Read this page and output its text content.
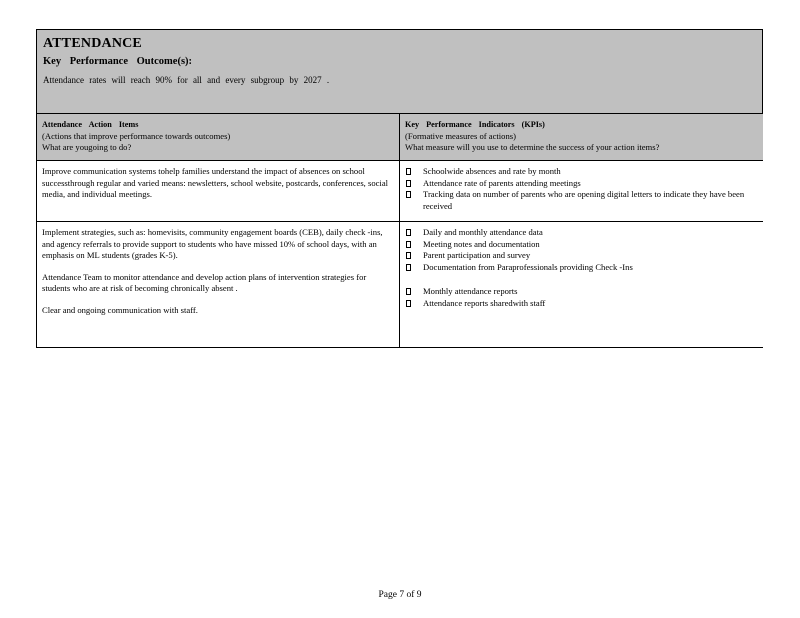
ATTENDANCE
Key Performance Outcome(s):
Attendance rates will reach 90% for all and every subgroup by 2027 .
Attendance Action Items
(Actions that improve performance towards outcomes)
What are yougoing to do?
Key Performance Indicators (KPIs)
(Formative measures of actions)
What measure will you use to determine the success of your action items?

Improve communication systems tohelp families understand the impact of absences on school successthrough regular and varied means: newsletters, school website, postcards, conferences, social media, and individual meetings.

Schoolwide absences and rate by month
Attendance rate of parents attending meetings
Tracking data on number of parents who are opening digital letters to indicate they have been received

Implement strategies, such as: homevisits, community engagement boards (CEB), daily check -ins, and agency referrals to provide support to students who have missed 10% of school days, with an emphasis on ML students (grades K-5).

Attendance Team to monitor attendance and develop action plans of intervention strategies for students who are at risk of becoming chronically absent .

Clear and ongoing communication with staff.

Daily and monthly attendance data
Meeting notes and documentation
Parent participation and survey
Documentation from Paraprofessionals providing Check -Ins
Monthly attendance reports
Attendance reports sharedwith staff
Page 7 of 9
